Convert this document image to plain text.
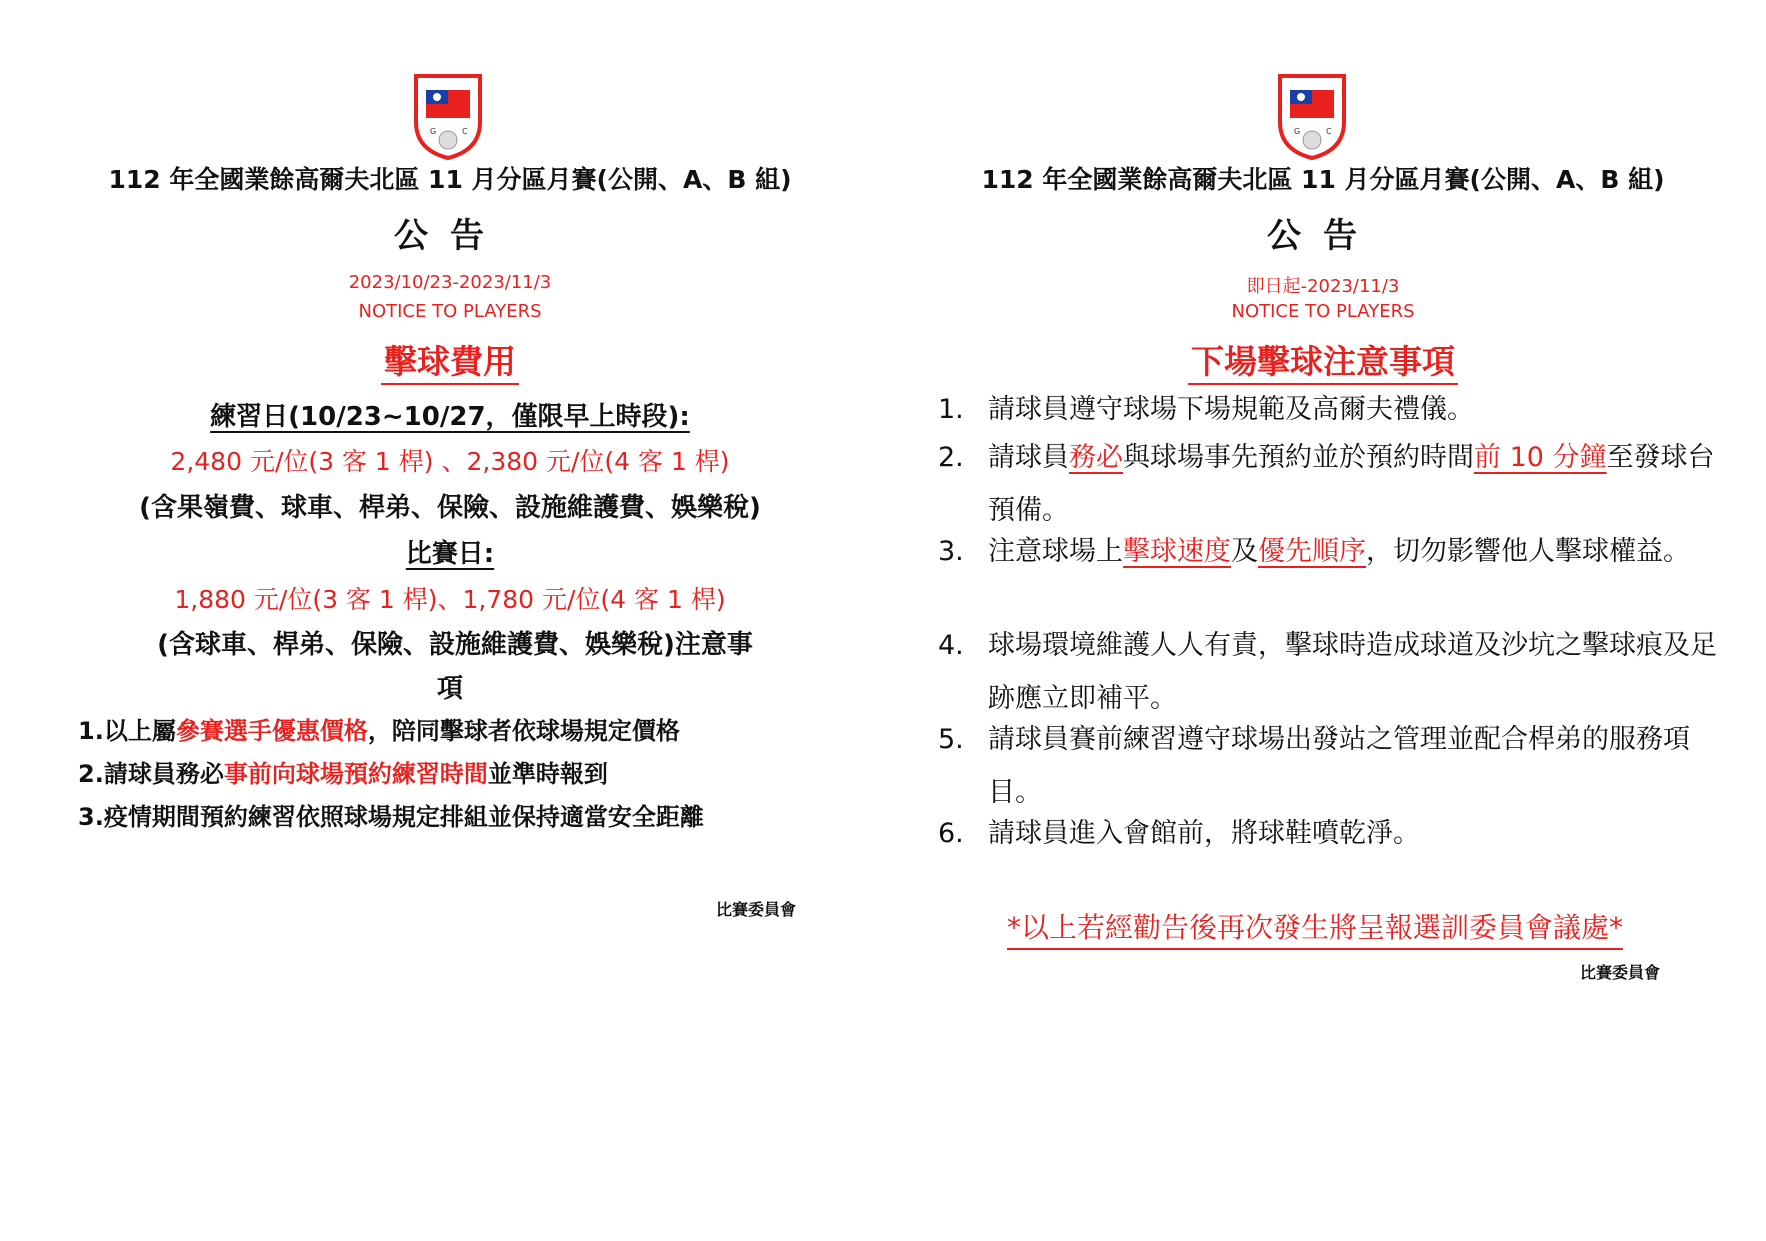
G	C
112 年全國業餘高爾夫北區 11 月分區月賽(公開、A、B 組)
公告
2023/10/23-2023/11/3
NOTICE TO PLAYERS
擊球費用
練習日(10/23~10/27，僅限早上時段):
2,480 元/位(3 客 1 桿) 、2,380 元/位(4 客 1 桿)
(含果嶺費、球車、桿弟、保險、設施維護費、娛樂稅)
比賽日:
1,880 元/位(3 客 1 桿)、1,780 元/位(4 客 1 桿)
(含球車、桿弟、保險、設施維護費、娛樂稅)注意事
項
1.以上屬參賽選手優惠價格，陪同擊球者依球場規定價格
2.請球員務必事前向球場預約練習時間並準時報到
3.疫情期間預約練習依照球場規定排組並保持適當安全距離
比賽委員會
G	C
112 年全國業餘高爾夫北區 11 月分區月賽(公開、A、B 組)
公告
即日起-2023/11/3
NOTICE TO PLAYERS
下場擊球注意事項
1. 請球員遵守球場下場規範及高爾夫禮儀。
2. 請球員務必與球場事先預約並於預約時間前 10 分鐘至發球台預備。
3. 注意球場上擊球速度及優先順序，切勿影響他人擊球權益。
4. 球場環境維護人人有責，擊球時造成球道及沙坑之擊球痕及足跡應立即補平。
5. 請球員賽前練習遵守球場出發站之管理並配合桿弟的服務項目。
6. 請球員進入會館前，將球鞋噴乾淨。
*以上若經勸告後再次發生將呈報選訓委員會議處*
比賽委員會
